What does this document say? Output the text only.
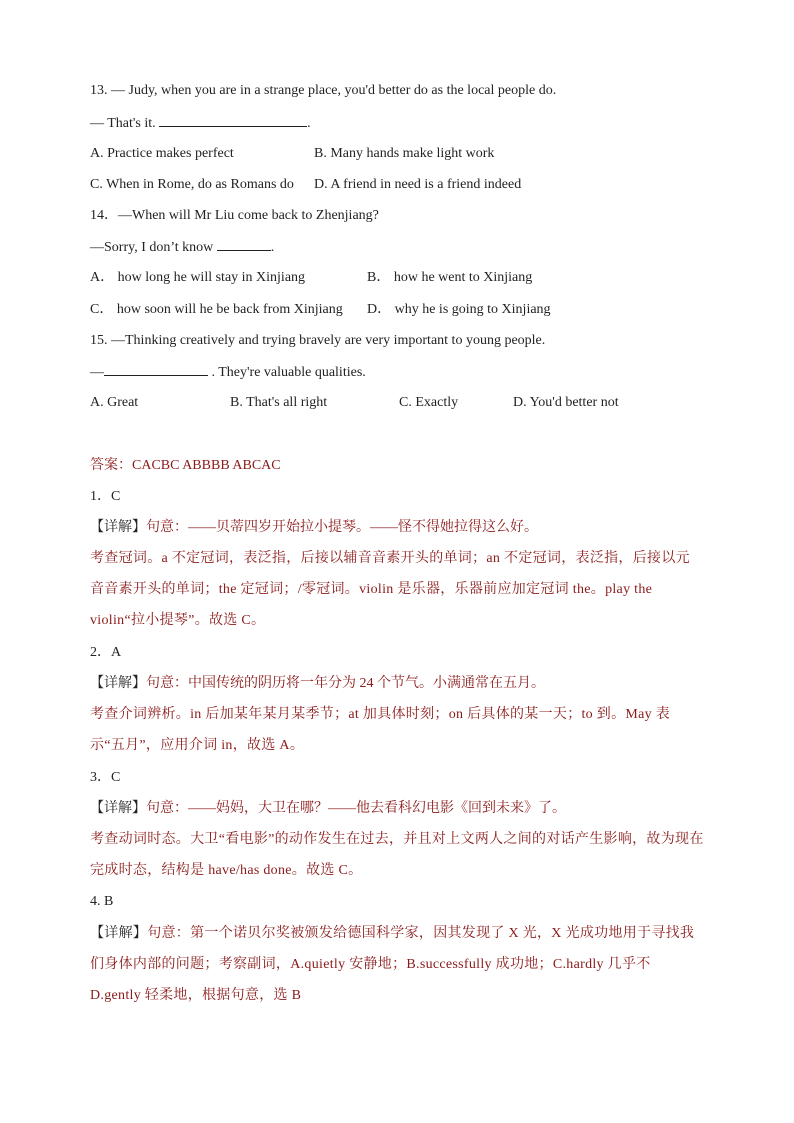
13. — Judy, when you are in a strange place, you'd better do as the local people do.
— That's it.	.
A. Practice makes perfect	B. Many hands make light work
C. When in Rome, do as Romans do D. A friend in need is a friend indeed
14．—When will Mr Liu come back to Zhenjiang?
—Sorry, I don’t know	.
A． how long he will stay in Xinjiang	B． how he went to Xinjiang
C． how soon will he be back from Xinjiang D． why he is going to Xinjiang
15. —Thinking creatively and trying bravely are very important to young people.
—	. They're valuable qualities.
A. Great	B. That's all right	C. Exactly	D. You'd better not
答案：CACBC ABBBB ABCAC
1．C
【详解】句意：——贝蒂四岁开始拉小提琴。——怪不得她拉得这么好。
考查冠词。a 不定冠词，表泛指，后接以辅音音素开头的单词；an 不定冠词，表泛指，后接以元音音素开头的单词；the 定冠词；/零冠词。violin 是乐器，乐器前应加定冠词 the。play the violin“拉小提琴”。故选 C。
2．A
【详解】句意：中国传统的阴历将一年分为 24 个节气。小满通常在五月。
考查介词辨析。in 后加某年某月某季节；at 加具体时刻；on 后具体的某一天；to 到。May 表示“五月”，应用介词 in，故选 A。
3．C
【详解】句意：——妈妈，大卫在哪？——他去看科幻电影《回到未来》了。
考查动词时态。大卫“看电影”的动作发生在过去，并且对上文两人之间的对话产生影响，故为现在完成时态，结构是 have/has done。故选 C。
4. B
【详解】句意：第一个诺贝尔奖被颁发给德国科学家，因其发现了 X 光，X 光成功地用于寻找我们身体内部的问题；考察副词，A.quietly 安静地；B.successfully 成功地；C.hardly 几乎不 D.gently 轻柔地，根据句意，选 B
